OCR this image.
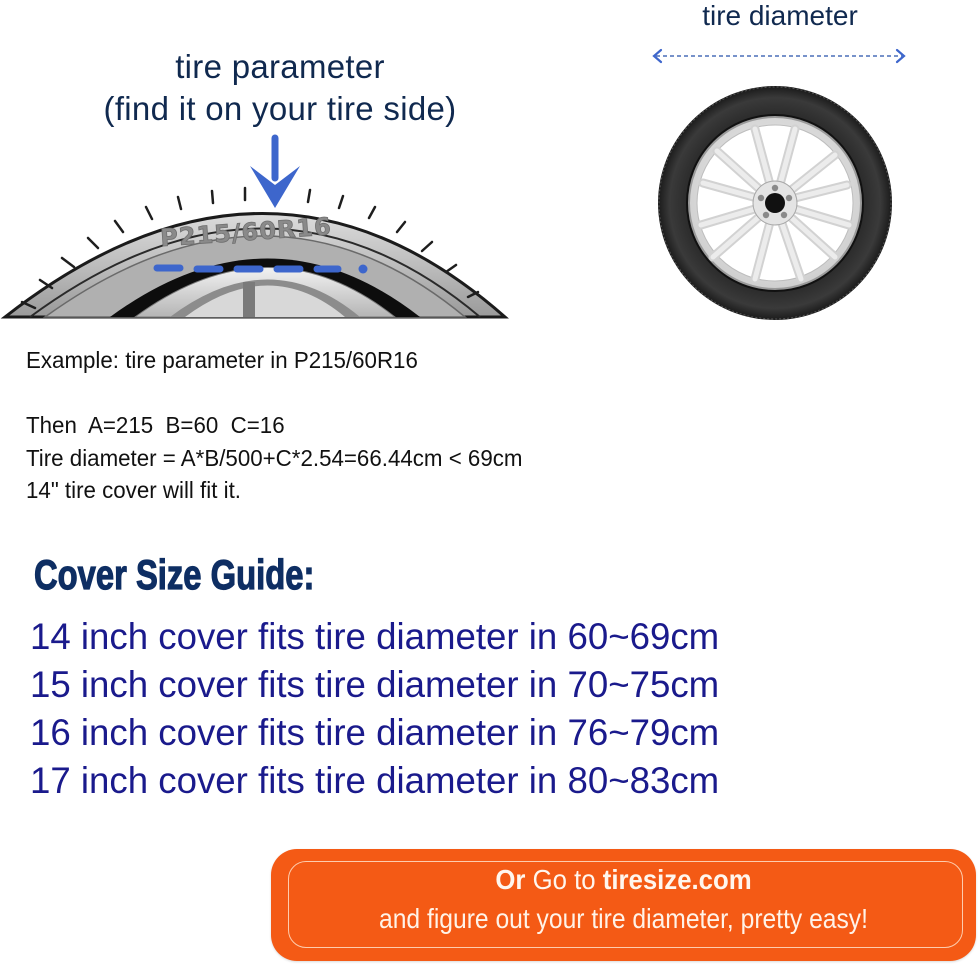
tire parameter
(find it on your tire side)
P215/60R16
tire diameter
Example: tire parameter in P215/60R16
Then  A=215  B=60  C=16
Tire diameter = A*B/500+C*2.54=66.44cm < 69cm
14" tire cover will fit it.
Cover Size Guide:
14 inch cover fits tire diameter in 60~69cm
15 inch cover fits tire diameter in 70~75cm
16 inch cover fits tire diameter in 76~79cm
17 inch cover fits tire diameter in 80~83cm
Or Go to tiresize.com
and figure out your tire diameter, pretty easy!
